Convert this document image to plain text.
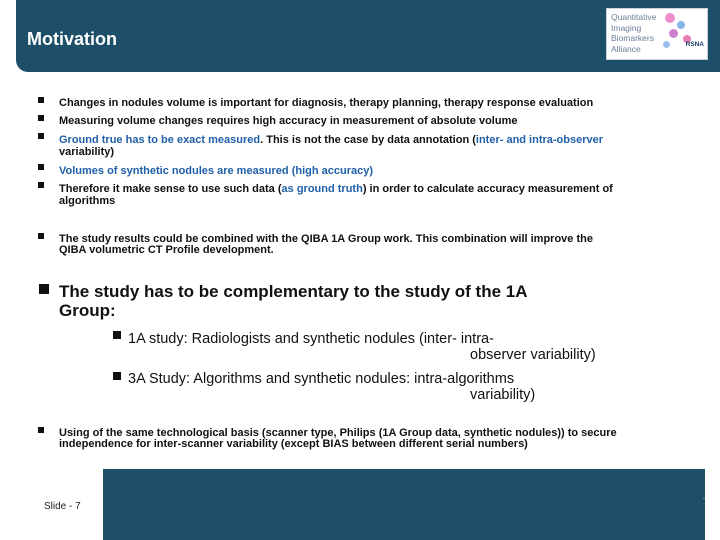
Motivation
Quantitative
Imaging
Biomarkers
Alliance	RSNA
Changes in nodules volume is important for diagnosis, therapy planning, therapy response evaluation
Measuring volume changes requires high accuracy in measurement of absolute volume
Ground true has to be exact measured. This is not the case by data annotation (inter- and intra-observer
variability)
Volumes of synthetic nodules are measured (high accuracy)
Therefore it make sense to use such data (as ground truth) in order to calculate accuracy measurement of
algorithms
The study results could be combined with the QIBA 1A Group work. This combination will improve the
QIBA volumetric CT Profile development.
The study has to be complementary to the study of the 1A
Group:
1A study: Radiologists and synthetic nodules (inter- intra-
observer variability)
3A Study: Algorithms and synthetic nodules: intra-algorithms
variability)
Using of the same technological basis (scanner type, Philips (1A Group data, synthetic nodules)) to secure
independence for inter-scanner variability (except BIAS between different serial numbers)
Slide - 7
